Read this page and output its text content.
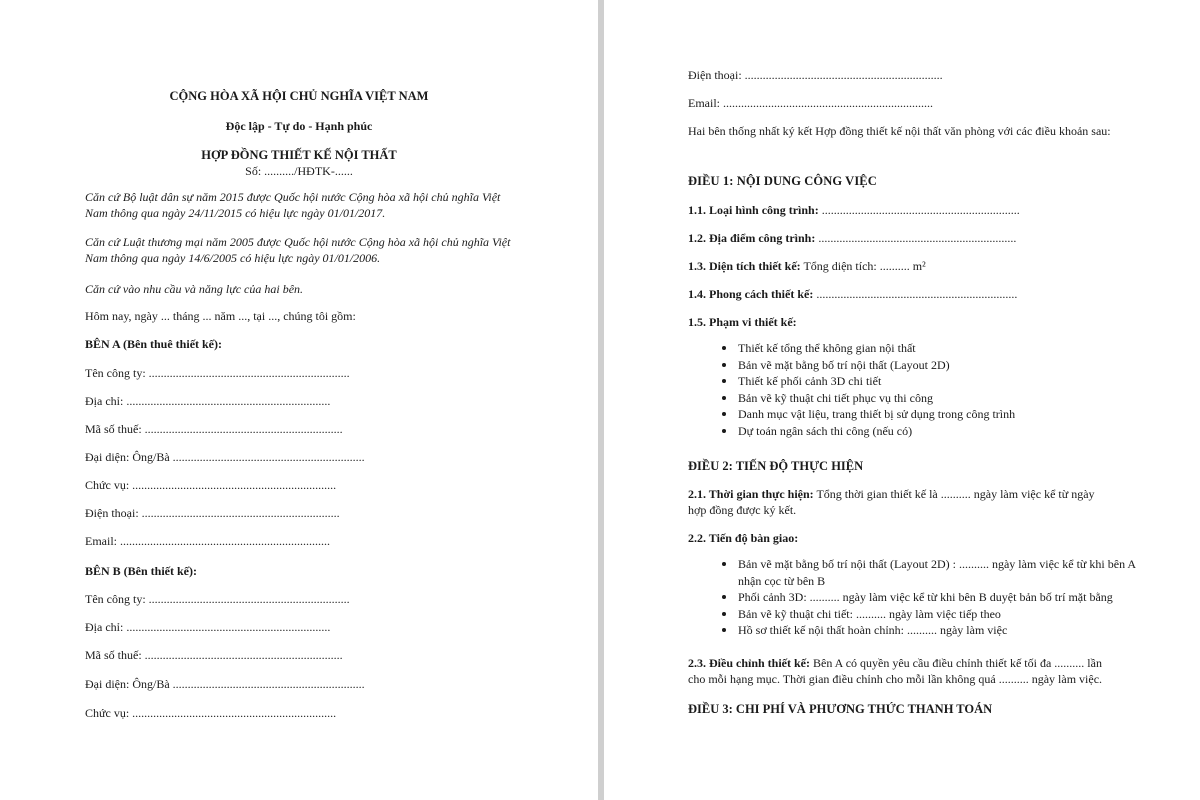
CỘNG HÒA XÃ HỘI CHỦ NGHĨA VIỆT NAM
Độc lập - Tự do - Hạnh phúc
HỢP ĐỒNG THIẾT KẾ NỘI THẤT
Số: ........../HĐTK-......
Căn cứ Bộ luật dân sự năm 2015 được Quốc hội nước Cộng hòa xã hội chủ nghĩa Việt Nam thông qua ngày 24/11/2015 có hiệu lực ngày 01/01/2017.
Căn cứ Luật thương mại năm 2005 được Quốc hội nước Cộng hòa xã hội chủ nghĩa Việt Nam thông qua ngày 14/6/2005 có hiệu lực ngày 01/01/2006.
Căn cứ vào nhu cầu và năng lực của hai bên.
Hôm nay, ngày ... tháng ... năm ..., tại ..., chúng tôi gồm:
BÊN A (Bên thuê thiết kế):
Tên công ty: ...................................................................
Địa chỉ: ....................................................................
Mã số thuế: ..................................................................
Đại diện: Ông/Bà ................................................................
Chức vụ: ....................................................................
Điện thoại: ..................................................................
Email: ......................................................................
BÊN B (Bên thiết kế):
Tên công ty: ...................................................................
Địa chỉ: ....................................................................
Mã số thuế: ..................................................................
Đại diện: Ông/Bà ................................................................
Chức vụ: ....................................................................
Điện thoại: ..................................................................
Email: ......................................................................
Hai bên thống nhất ký kết Hợp đồng thiết kế nội thất văn phòng với các điều khoản sau:
ĐIỀU 1: NỘI DUNG CÔNG VIỆC
1.1. Loại hình công trình: ..................................................................
1.2. Địa điểm công trình: ..................................................................
1.3. Diện tích thiết kế: Tổng diện tích: .......... m²
1.4. Phong cách thiết kế: ...................................................................
1.5. Phạm vi thiết kế:
Thiết kế tổng thể không gian nội thất
Bản vẽ mặt bằng bố trí nội thất (Layout 2D)
Thiết kế phối cảnh 3D chi tiết
Bản vẽ kỹ thuật chi tiết phục vụ thi công
Danh mục vật liệu, trang thiết bị sử dụng trong công trình
Dự toán ngân sách thi công (nếu có)
ĐIỀU 2: TIẾN ĐỘ THỰC HIỆN
2.1. Thời gian thực hiện: Tổng thời gian thiết kế là .......... ngày làm việc kể từ ngày
hợp đồng được ký kết.
2.2. Tiến độ bàn giao:
Bản vẽ mặt bằng bố trí nội thất (Layout 2D) : .......... ngày làm việc kể từ khi bên A nhận cọc từ bên B
Phối cảnh 3D: .......... ngày làm việc kể từ khi bên B duyệt bản bố trí mặt bằng
Bản vẽ kỹ thuật chi tiết: .......... ngày làm việc tiếp theo
Hồ sơ thiết kế nội thất hoàn chỉnh: .......... ngày làm việc
2.3. Điều chỉnh thiết kế: Bên A có quyền yêu cầu điều chỉnh thiết kế tối đa .......... lần
cho mỗi hạng mục. Thời gian điều chỉnh cho mỗi lần không quá .......... ngày làm việc.
ĐIỀU 3: CHI PHÍ VÀ PHƯƠNG THỨC THANH TOÁN
